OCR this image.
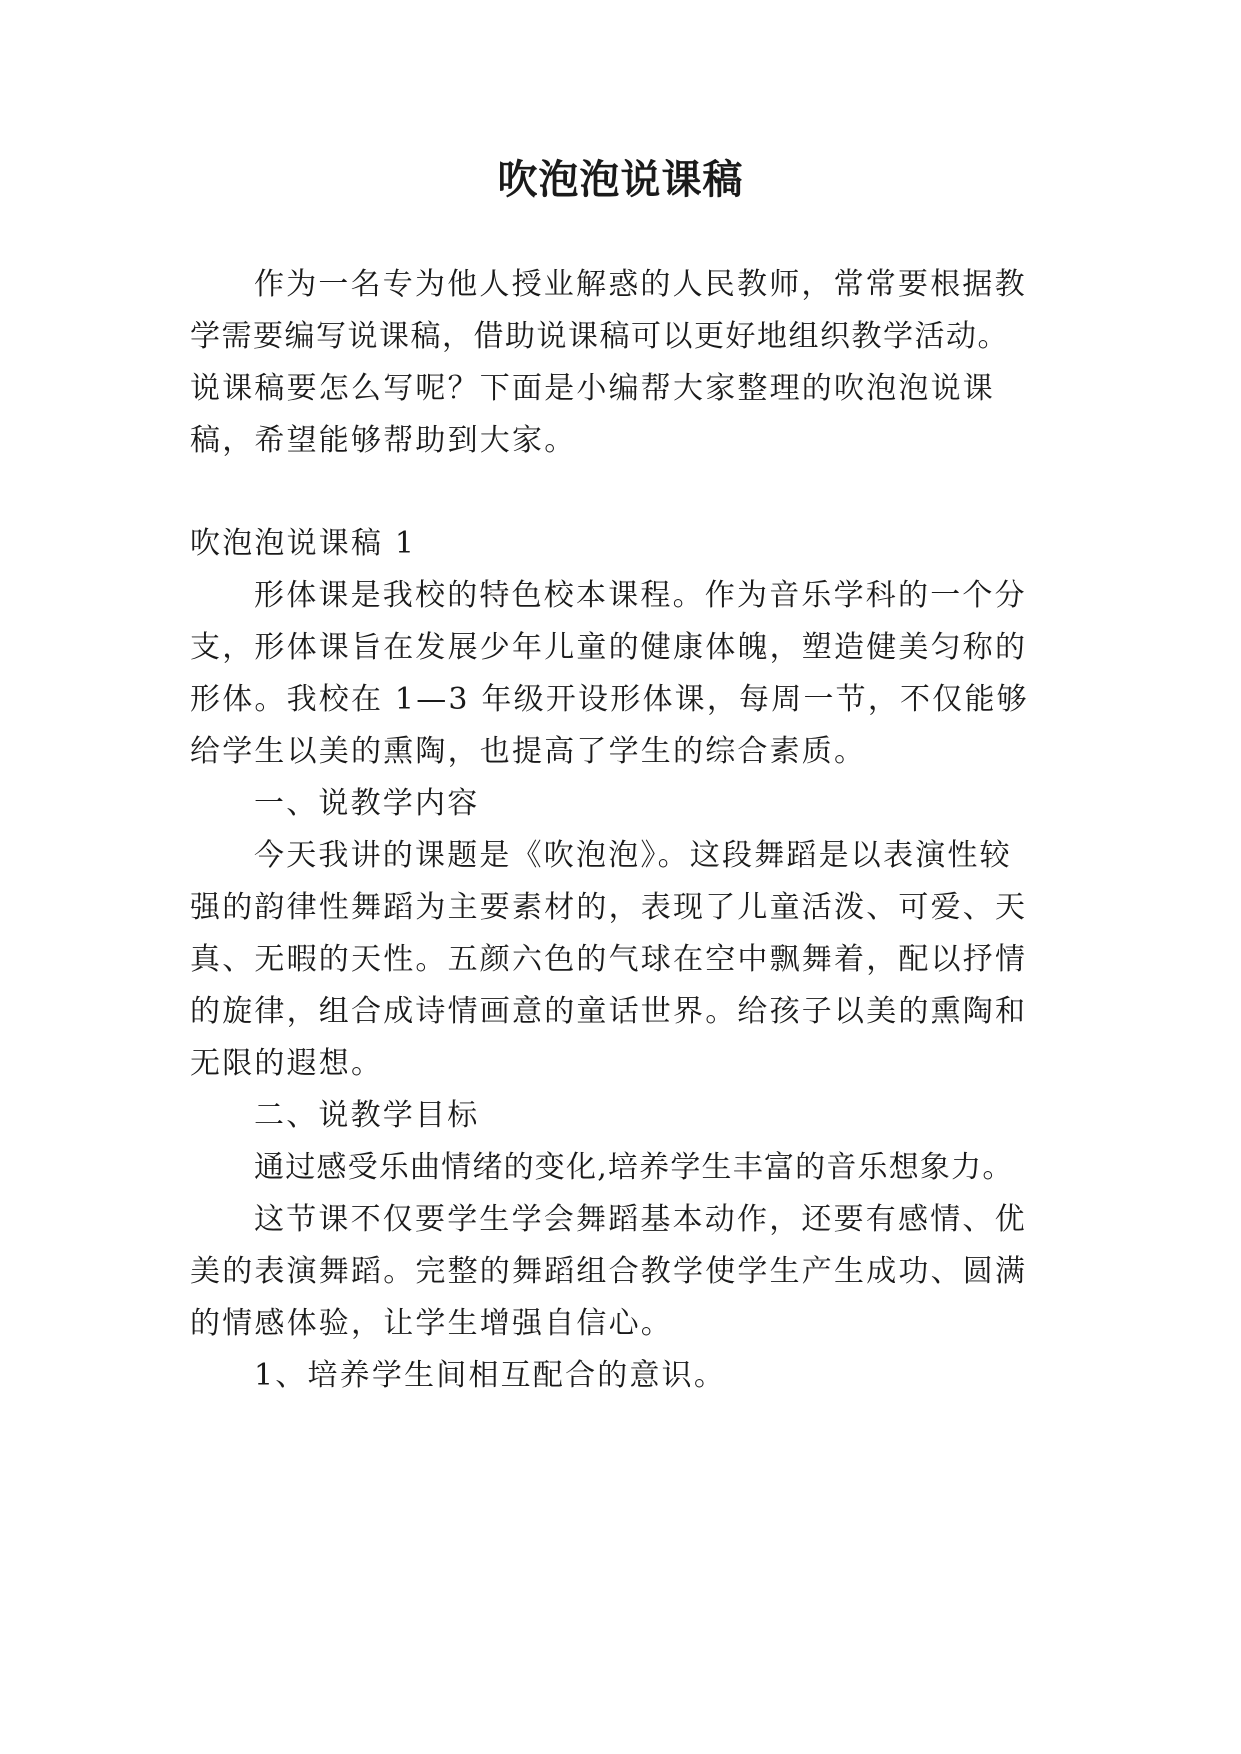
吹泡泡说课稿

作为一名专为他人授业解惑的人民教师，常常要根据教

学需要编写说课稿，借助说课稿可以更好地组织教学活动。

说课稿要怎么写呢？下面是小编帮大家整理的吹泡泡说课

稿，希望能够帮助到大家。

吹泡泡说课稿 1

形体课是我校的特色校本课程。作为音乐学科的一个分

支，形体课旨在发展少年儿童的健康体魄，塑造健美匀称的

形体。我校在 1—3 年级开设形体课，每周一节，不仅能够

给学生以美的熏陶，也提高了学生的综合素质。

一、说教学内容

今天我讲的课题是《吹泡泡》。这段舞蹈是以表演性较

强的韵律性舞蹈为主要素材的，表现了儿童活泼、可爱、天

真、无暇的天性。五颜六色的气球在空中飘舞着，配以抒情

的旋律，组合成诗情画意的童话世界。给孩子以美的熏陶和

无限的遐想。

二、说教学目标

通过感受乐曲情绪的变化,培养学生丰富的音乐想象力。

这节课不仅要学生学会舞蹈基本动作，还要有感情、优

美的表演舞蹈。完整的舞蹈组合教学使学生产生成功、圆满

的情感体验，让学生增强自信心。

1、培养学生间相互配合的意识。
